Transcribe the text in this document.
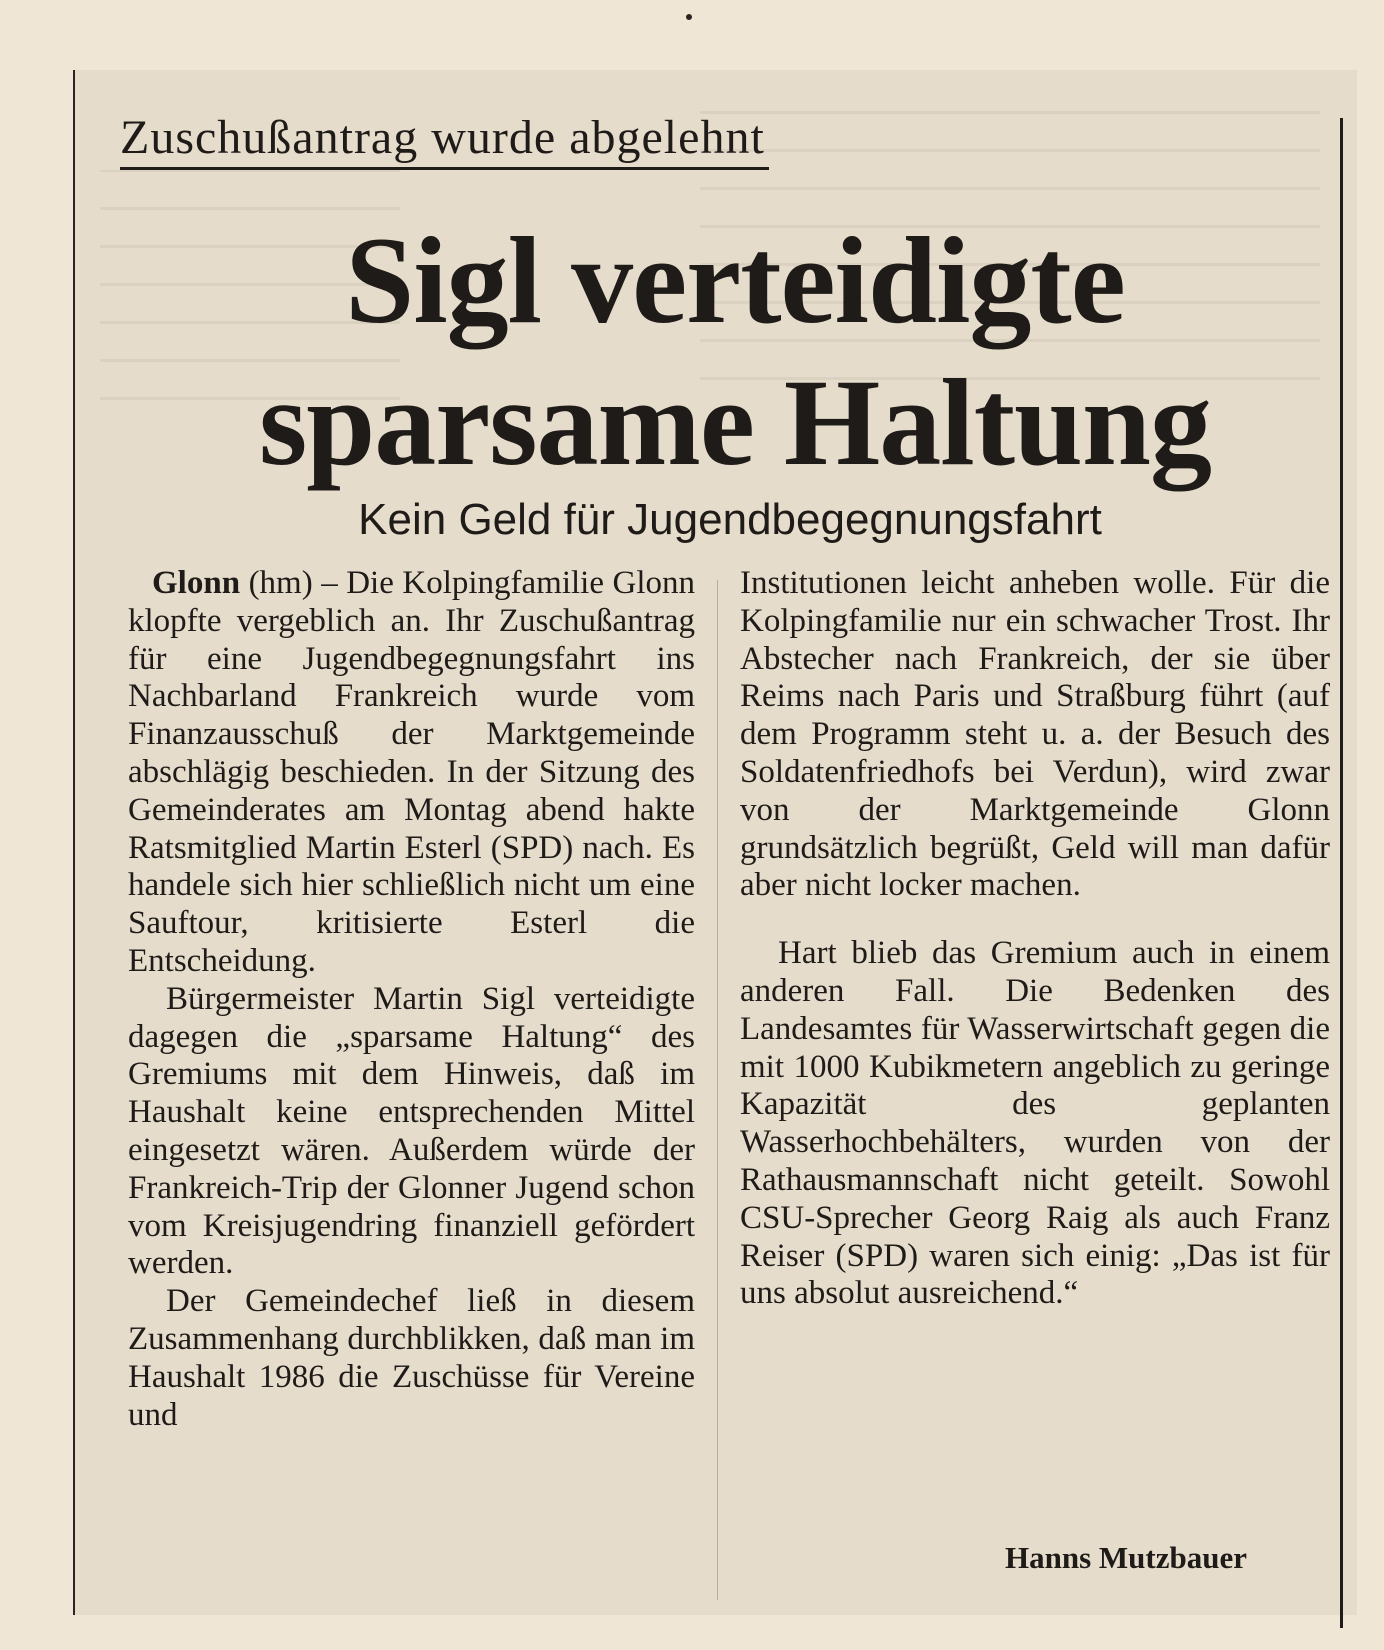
Zuschußantrag wurde abgelehnt
Sigl verteidigte
sparsame Haltung
Kein Geld für Jugendbegegnungsfahrt

Glonn (hm) – Die Kolpingfamilie Glonn klopfte vergeblich an. Ihr Zuschußantrag für eine Jugendbegegnungsfahrt ins Nachbarland Frankreich wurde vom Finanzausschuß der Marktgemeinde abschlägig beschieden. In der Sitzung des Gemeinderates am Montag abend hakte Ratsmitglied Martin Esterl (SPD) nach. Es handele sich hier schließlich nicht um eine Sauftour, kritisierte Esterl die Entscheidung.

Bürgermeister Martin Sigl verteidigte dagegen die „sparsame Haltung“ des Gremiums mit dem Hinweis, daß im Haushalt keine entsprechenden Mittel eingesetzt wären. Außerdem würde der Frankreich-Trip der Glonner Jugend schon vom Kreisjugendring finanziell gefördert werden.

Der Gemeindechef ließ in diesem Zusammenhang durchblikken, daß man im Haushalt 1986 die Zuschüsse für Vereine und

Institutionen leicht anheben wolle. Für die Kolpingfamilie nur ein schwacher Trost. Ihr Abstecher nach Frankreich, der sie über Reims nach Paris und Straßburg führt (auf dem Programm steht u. a. der Besuch des Soldatenfriedhofs bei Verdun), wird zwar von der Marktgemeinde Glonn grundsätzlich begrüßt, Geld will man dafür aber nicht locker machen.

Hart blieb das Gremium auch in einem anderen Fall. Die Bedenken des Landesamtes für Wasserwirtschaft gegen die mit 1000 Kubikmetern angeblich zu geringe Kapazität des geplanten Wasserhochbehälters, wurden von der Rathausmannschaft nicht geteilt. Sowohl CSU-Sprecher Georg Raig als auch Franz Reiser (SPD) waren sich einig: „Das ist für uns absolut ausreichend.“

Hanns Mutzbauer
